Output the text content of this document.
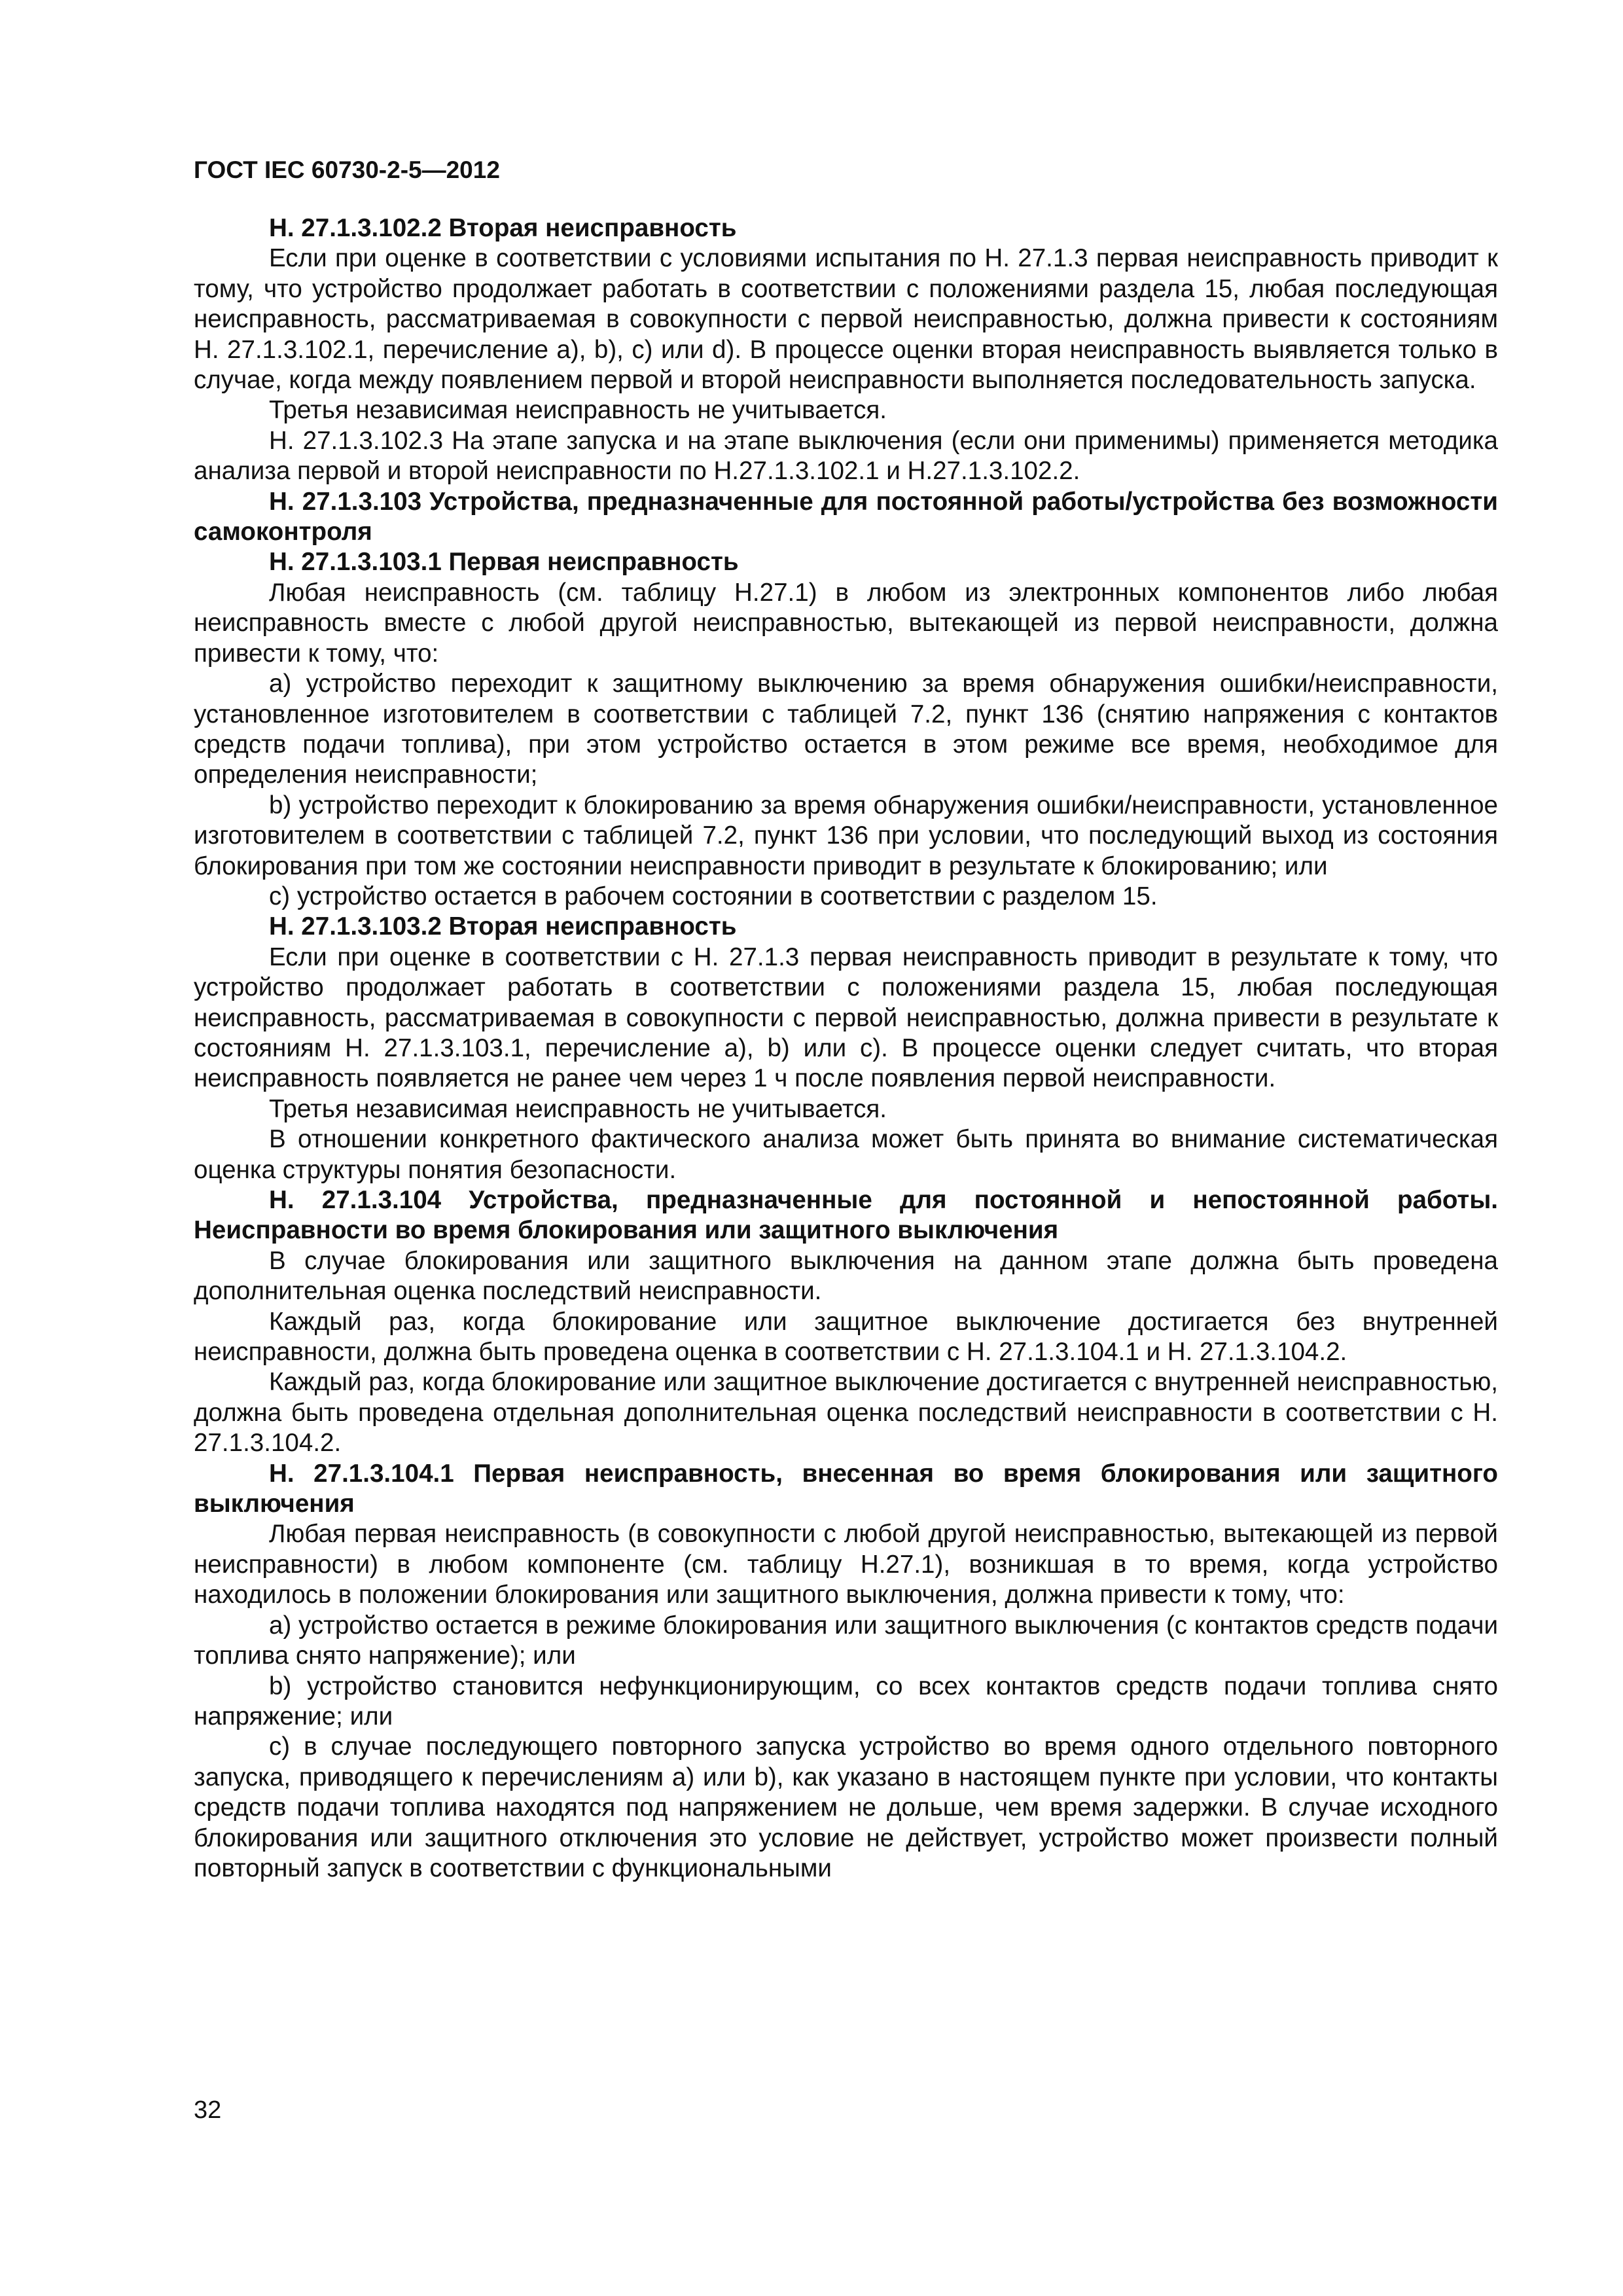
ГОСТ IEC 60730-2-5—2012

Н. 27.1.3.102.2 Вторая неисправность

Если при оценке в соответствии с условиями испытания по Н. 27.1.3 первая неисправность приводит к тому, что устройство продолжает работать в соответствии с положениями раздела 15, любая последующая неисправность, рассматриваемая в совокупности с первой неисправностью, должна привести к состояниям Н. 27.1.3.102.1, перечисление а), b), с) или d). В процессе оценки вторая неисправность выявляется только в случае, когда между появлением первой и второй неисправности выполняется последовательность запуска.

Третья независимая неисправность не учитывается.

Н. 27.1.3.102.3 На этапе запуска и на этапе выключения (если они применимы) применяется методика анализа первой и второй неисправности по Н.27.1.3.102.1 и Н.27.1.3.102.2.

Н. 27.1.3.103 Устройства, предназначенные для постоянной работы/устройства без возможности самоконтроля

Н. 27.1.3.103.1 Первая неисправность

Любая неисправность (см. таблицу Н.27.1) в любом из электронных компонентов либо любая неисправность вместе с любой другой неисправностью, вытекающей из первой неисправности, должна привести к тому, что:

a) устройство переходит к защитному выключению за время обнаружения ошибки/неисправности, установленное изготовителем в соответствии с таблицей 7.2, пункт 136 (снятию напряжения с контактов средств подачи топлива), при этом устройство остается в этом режиме все время, необходимое для определения неисправности;

b) устройство переходит к блокированию за время обнаружения ошибки/неисправности, установленное изготовителем в соответствии с таблицей 7.2, пункт 136 при условии, что последующий выход из состояния блокирования при том же состоянии неисправности приводит в результате к блокированию; или

c) устройство остается в рабочем состоянии в соответствии с разделом 15.

Н. 27.1.3.103.2 Вторая неисправность

Если при оценке в соответствии с Н. 27.1.3 первая неисправность приводит в результате к тому, что устройство продолжает работать в соответствии с положениями раздела 15, любая последующая неисправность, рассматриваемая в совокупности с первой неисправностью, должна привести в результате к состояниям Н. 27.1.3.103.1, перечисление а), b) или с). В процессе оценки следует считать, что вторая неисправность появляется не ранее чем через 1 ч после появления первой неисправности.

Третья независимая неисправность не учитывается.

В отношении конкретного фактического анализа может быть принята во внимание систематическая оценка структуры понятия безопасности.

Н. 27.1.3.104 Устройства, предназначенные для постоянной и непостоянной работы. Неисправности во время блокирования или защитного выключения

В случае блокирования или защитного выключения на данном этапе должна быть проведена дополнительная оценка последствий неисправности.

Каждый раз, когда блокирование или защитное выключение достигается без внутренней неисправности, должна быть проведена оценка в соответствии с Н. 27.1.3.104.1 и Н. 27.1.3.104.2.

Каждый раз, когда блокирование или защитное выключение достигается с внутренней неисправностью, должна быть проведена отдельная дополнительная оценка последствий неисправности в соответствии с Н. 27.1.3.104.2.

Н. 27.1.3.104.1 Первая неисправность, внесенная во время блокирования или защитного выключения

Любая первая неисправность (в совокупности с любой другой неисправностью, вытекающей из первой неисправности) в любом компоненте (см. таблицу Н.27.1), возникшая в то время, когда устройство находилось в положении блокирования или защитного выключения, должна привести к тому, что:

а) устройство остается в режиме блокирования или защитного выключения (с контактов средств подачи топлива снято напряжение); или

b) устройство становится нефункционирующим, со всех контактов средств подачи топлива снято напряжение; или

c) в случае последующего повторного запуска устройство во время одного отдельного повторного запуска, приводящего к перечислениям а) или b), как указано в настоящем пункте при условии, что контакты средств подачи топлива находятся под напряжением не дольше, чем время задержки. В случае исходного блокирования или защитного отключения это условие не действует, устройство может произвести полный повторный запуск в соответствии с функциональными

32
